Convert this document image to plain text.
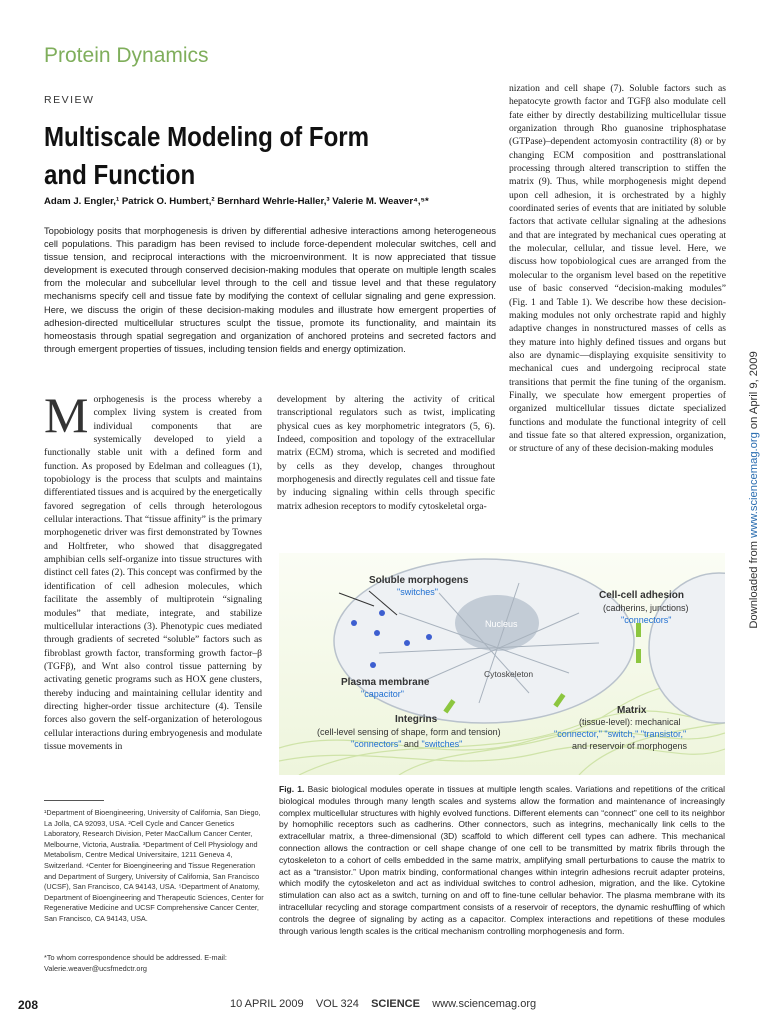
Protein Dynamics
REVIEW
Multiscale Modeling of Form and Function
Adam J. Engler,¹ Patrick O. Humbert,² Bernhard Wehrle-Haller,³ Valerie M. Weaver⁴,⁵*
Topobiology posits that morphogenesis is driven by differential adhesive interactions among heterogeneous cell populations. This paradigm has been revised to include force-dependent molecular switches, cell and tissue tension, and reciprocal interactions with the microenvironment. It is now appreciated that tissue development is executed through conserved decision-making modules that operate on multiple length scales from the molecular and subcellular level through to the cell and tissue level and that these regulatory mechanisms specify cell and tissue fate by modifying the context of cellular signaling and gene expression. Here, we discuss the origin of these decision-making modules and illustrate how emergent properties of adhesion-directed multicellular structures sculpt the tissue, promote its functionality, and maintain its homeostasis through spatial segregation and organization of anchored proteins and secreted factors and through emergent properties of tissues, including tension fields and energy optimization.
Morphogenesis is the process whereby a complex living system is created from individual components that are systemically developed to yield a functionally stable unit with a defined form and function. As proposed by Edelman and colleagues (1), topobiology is the process that sculpts and maintains differentiated tissues and is acquired by the energetically favored segregation of cells through heterologous cellular interactions. That “tissue affinity” is the primary morphogenetic driver was first demonstrated by Townes and Holtfreter, who showed that disaggregated amphibian cells self-organize into tissue structures with distinct cell fates (2). This concept was confirmed by the identification of cell adhesion molecules, which facilitate the assembly of multiprotein “signaling modules” that mediate, integrate, and stabilize multicellular interactions (3). Phenotypic cues mediated through gradients of secreted “soluble” factors such as fibroblast growth factor, transforming growth factor–β (TGFβ), and Wnt also control tissue patterning by activating genetic programs such as HOX gene clusters, thereby inducing and maintaining cellular identity and directing higher-order tissue architecture (4). Tensile forces also govern the self-organization of heterologous cellular interactions during embryogenesis and modulate tissue movements in
development by altering the activity of critical transcriptional regulators such as twist, implicating physical cues as key morphometric integrators (5, 6). Indeed, composition and topology of the extracellular matrix (ECM) stroma, which is secreted and modified by cells as they develop, changes throughout morphogenesis and directly regulates cell and tissue fate by inducing signaling within cells through specific matrix adhesion receptors to modify cytoskeletal orga-
nization and cell shape (7). Soluble factors such as hepatocyte growth factor and TGFβ also modulate cell fate either by directly destabilizing multicellular tissue organization through Rho guanosine triphosphatase (GTPase)–dependent actomyosin contractility (8) or by changing ECM composition and posttranslational processing through altered transcription to stiffen the matrix (9). Thus, while morphogenesis might depend upon cell adhesion, it is orchestrated by a highly coordinated series of events that are initiated by soluble factors that activate cellular signaling at the adhesions and that are integrated by mechanical cues operating at the molecular, cellular, and tissue level. Here, we discuss how topobiological cues are arranged from the molecular to the organism level based on the repetitive use of basic conserved “decision-making modules” (Fig. 1 and Table 1). We describe how these decision-making modules not only orchestrate rapid and highly adaptive changes in nonstructured masses of cells as they mature into highly defined tissues and organs but also are dynamic—displaying exquisite sensitivity to mechanical cues and undergoing reciprocal state transitions that permit the fine tuning of the organism. Finally, we speculate how emergent properties of organized multicellular tissues dictate specialized functions and modulate the functional integrity of cell and tissue fate so that altered expression, organization, or structure of any of these decision-making modules
¹Department of Bioengineering, University of California, San Diego, La Jolla, CA 92093, USA. ²Cell Cycle and Cancer Genetics Laboratory, Research Division, Peter MacCallum Cancer Center, Melbourne, Victoria, Australia. ³Department of Cell Physiology and Metabolism, Centre Medical Universitaire, 1211 Geneva 4, Switzerland. ⁴Center for Bioengineering and Tissue Regeneration and Department of Surgery, University of California, San Francisco (UCSF), San Francisco, CA 94143, USA. ⁵Department of Anatomy, Department of Bioengineering and Therapeutic Sciences, Center for Regenerative Medicine and UCSF Comprehensive Cancer Center, San Francisco, CA 94143, USA.
*To whom correspondence should be addressed. E-mail: Valerie.weaver@ucsfmedctr.org
Soluble morphogens
"switches"
Nucleus
Cell-cell adhesion
(cadherins, junctions)
"connectors"
Cytoskeleton
Plasma membrane
"capacitor"
Integrins
(cell-level sensing of shape, form and tension)
"connectors" and "switches"
Matrix
(tissue-level): mechanical
"connector," "switch," "transistor,"
and reservoir of morphogens
Fig. 1. Basic biological modules operate in tissues at multiple length scales. Variations and repetitions of the critical biological modules through many length scales and systems allow the formation and maintenance of increasingly complex multicellular structures with highly evolved functions. Different elements can “connect” one cell to its neighbor by homophilic receptors such as cadherins. Other connectors, such as integrins, mechanically link cells to the extracellular matrix, a three-dimensional (3D) scaffold to which different cell types can adhere. This mechanical connection allows the contraction or cell shape change of one cell to be transmitted by matrix fibrils through the cytoskeleton to a cohort of cells embedded in the same matrix, amplifying small perturbations to cause the matrix to act as a “transistor.” Upon matrix binding, conformational changes within integrin adhesions recruit adapter proteins, which modify the cytoskeleton and act as individual switches to control adhesion, migration, and the like. Cytokine stimulation can also act as a switch, turning on and off to fine-tune cellular behavior. The plasma membrane with its intracellular recycling and storage compartment consists of a reservoir of receptors, the dynamic reshuffling of which controls the degree of signaling by acting as a capacitor. Complex interactions and repetitions of these modules through various length scales is the critical mechanism controlling morphogenesis and form.
Downloaded from www.sciencemag.org on April 9, 2009
208	10 APRIL 2009    VOL 324    SCIENCE    www.sciencemag.org
